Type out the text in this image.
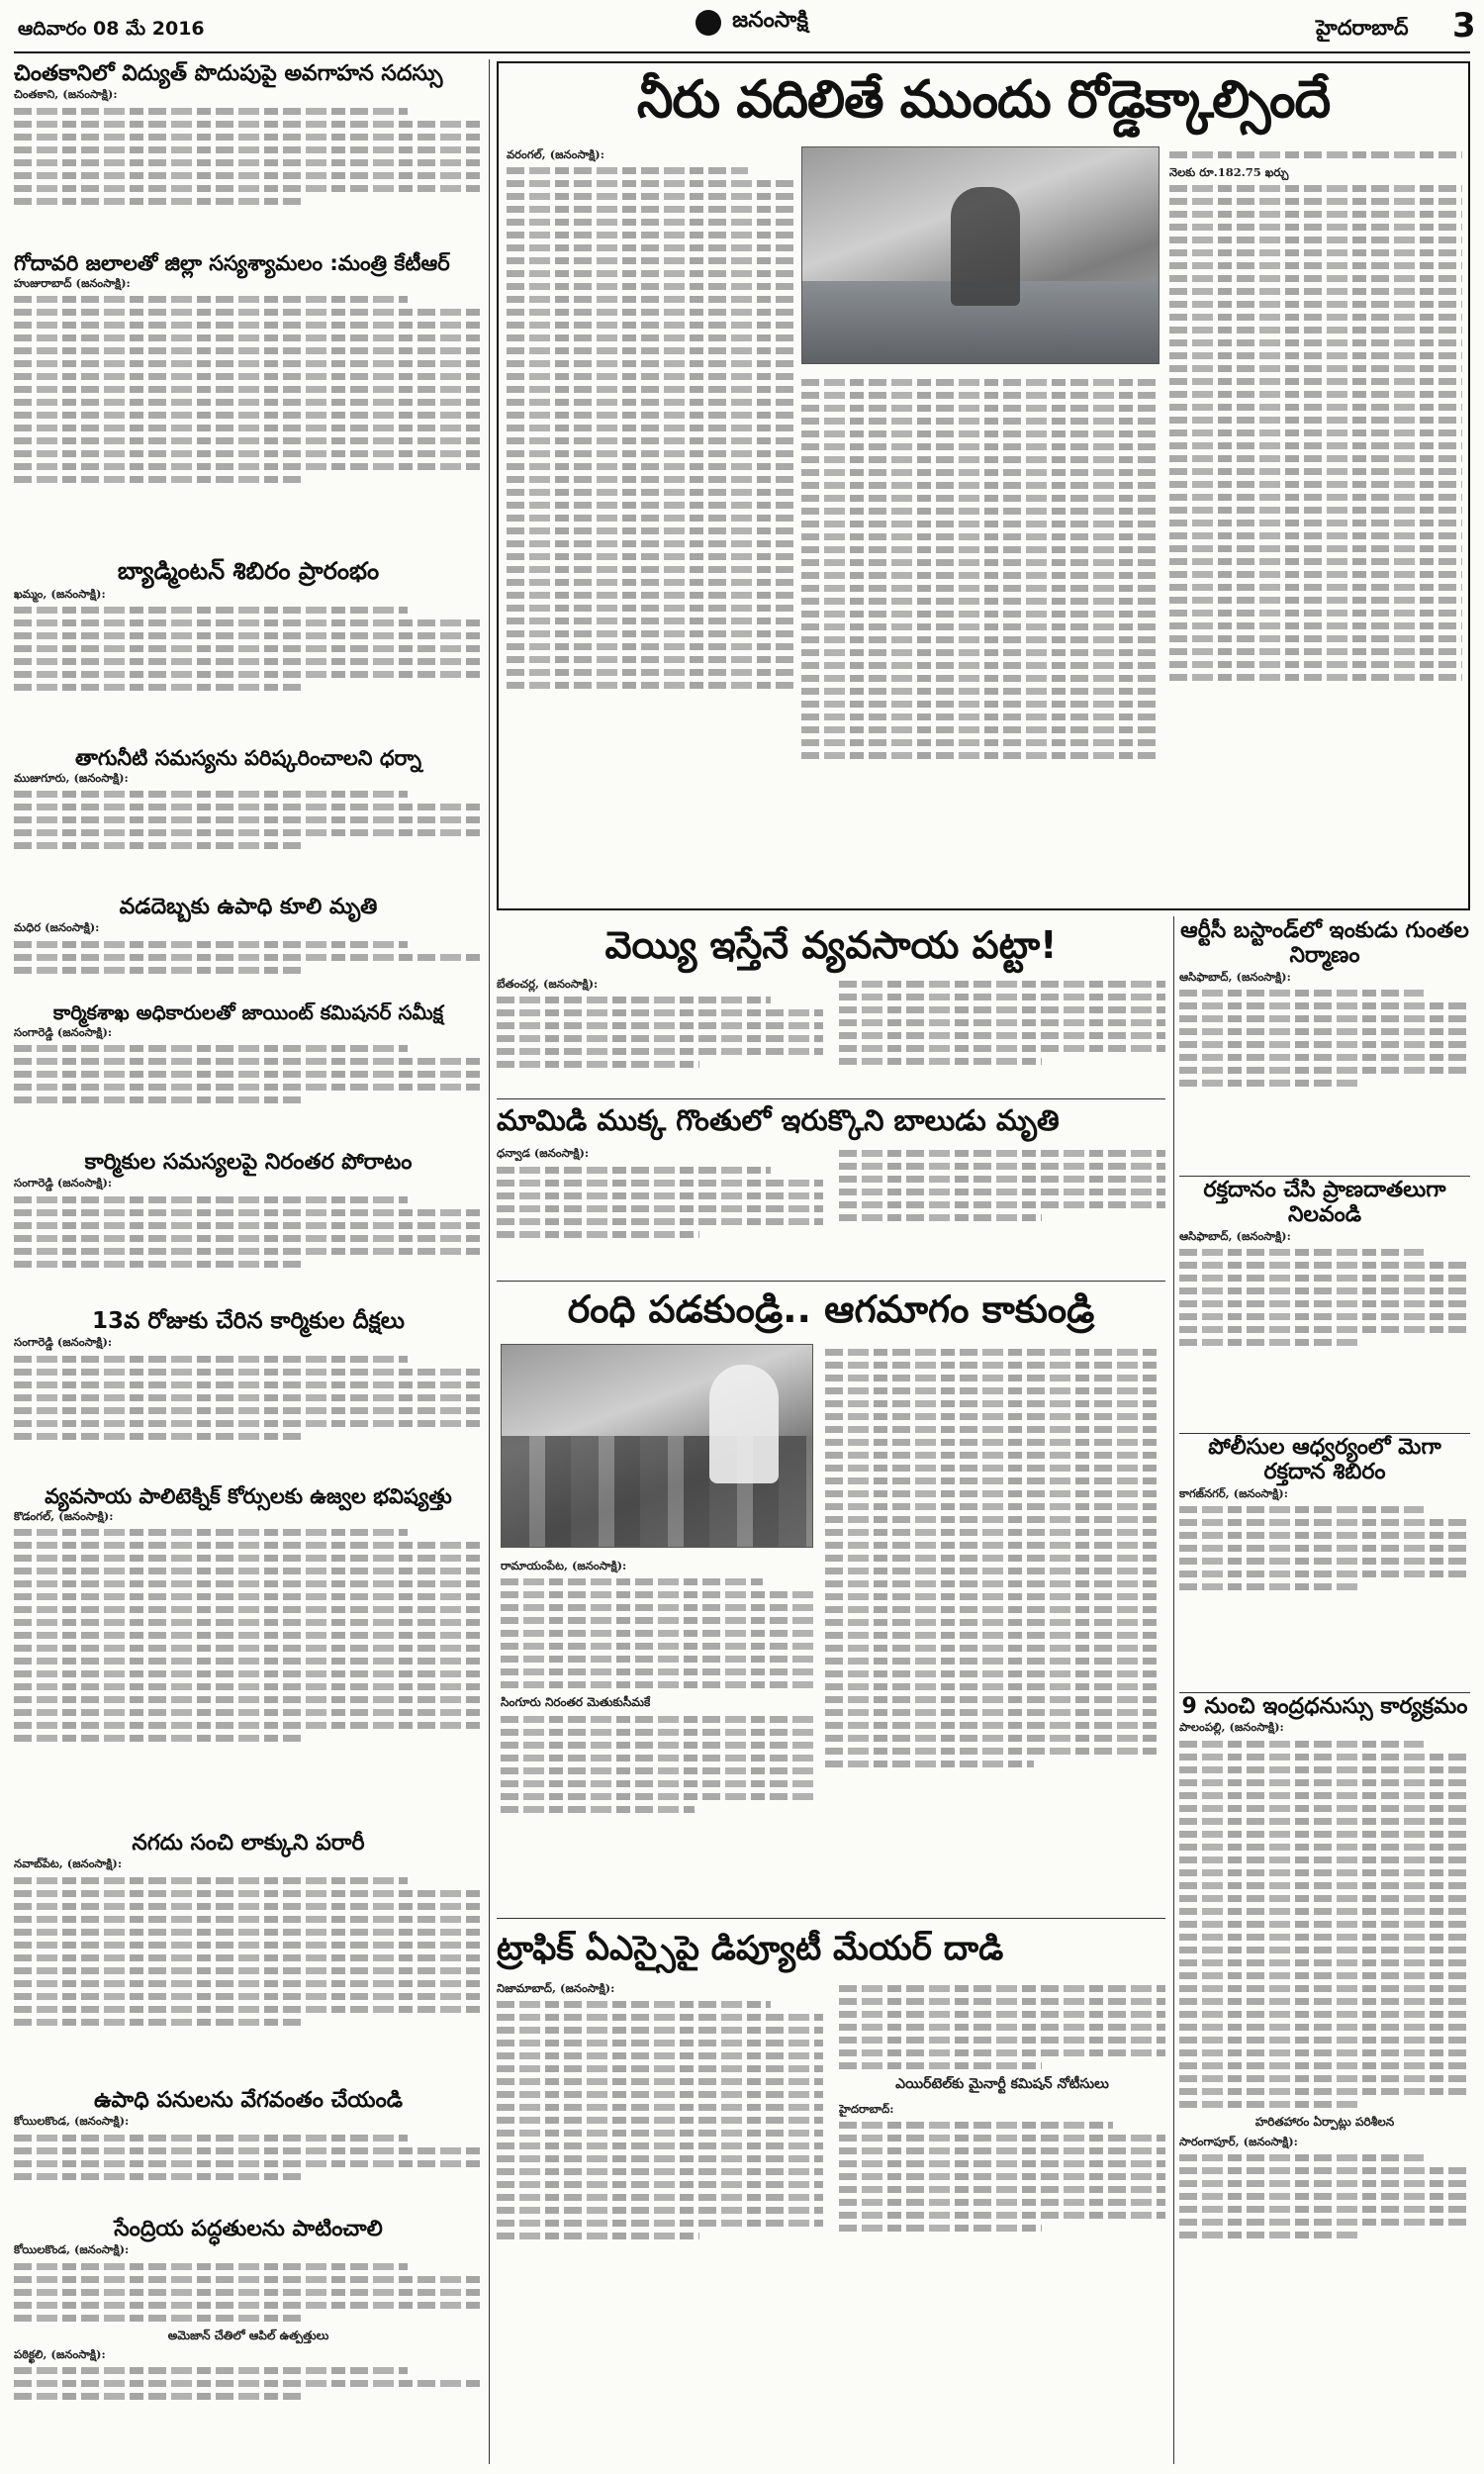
ఆదివారం 08 మే 2016	జనంసాక్షి	హైదరాబాద్ 3
చింతకానిలో విద్యుత్ పొదుపుపై అవగాహన సదస్సు
చింతకాని, (జనంసాక్షి):
గోదావరి జలాలతో జిల్లా సస్యశ్యామలం :మంత్రి కేటీఆర్
హుజురాబాద్ (జనంసాక్షి):
బ్యాడ్మింటన్ శిబిరం ప్రారంభం
ఖమ్మం, (జనంసాక్షి):
తాగునీటి సమస్యను పరిష్కరించాలని ధర్నా
ముజుగూరు, (జనంసాక్షి):
వడదెబ్బకు ఉపాధి కూలి మృతి
మధిర (జనంసాక్షి):
కార్మికశాఖ అధికారులతో జాయింట్ కమిషనర్ సమీక్ష
సంగారెడ్డి (జనంసాక్షి):
కార్మికుల సమస్యలపై నిరంతర పోరాటం
సంగారెడ్డి (జనంసాక్షి):
13వ రోజుకు చేరిన కార్మికుల దీక్షలు
సంగారెడ్డి (జనంసాక్షి):
వ్యవసాయ పాలిటెక్నిక్ కోర్సులకు ఉజ్వల భవిష్యత్తు
కొడంగల్, (జనంసాక్షి):
నగదు సంచి లాక్కుని పరారీ
నవాబ్‌పేట, (జనంసాక్షి):
ఉపాధి పనులను వేగవంతం చేయండి
కోయిలకొండ, (జనంసాక్షి):
సేంద్రియ పద్ధతులను పాటించాలి
కోయిలకొండ, (జనంసాక్షి):
అమెజాన్ చేతిలో ఆపిల్ ఉత్పత్తులు
పఠిక్ఖలి, (జనంసాక్షి):
నీరు వదిలితే ముందు రోడ్డెక్కాల్సిందే
వరంగల్, (జనంసాక్షి):
నెలకు రూ.182.75 ఖర్చు
వెయ్యి ఇస్తేనే వ్యవసాయ పట్టా!
బేతంచర్ల, (జనంసాక్షి):
మామిడి ముక్క గొంతులో ఇరుక్కొని బాలుడు మృతి
ధన్వాడ (జనంసాక్షి):
రంధి పడకుండ్రి.. ఆగమాగం కాకుండ్రి
రామాయంపేట, (జనంసాక్షి):
సింగూరు నిరంతర మెతుకుసీమకే
ట్రాఫిక్ ఏఎస్సైపై డిప్యూటీ మేయర్ దాడి
నిజామాబాద్, (జనంసాక్షి):
ఎయిర్‌టెల్‌కు మైనార్టీ కమిషన్ నోటీసులు
హైదరాబాద్:
ఆర్టీసీ బస్టాండ్‌లో ఇంకుడు గుంతల నిర్మాణం
ఆసిఫాబాద్, (జనంసాక్షి):
రక్తదానం చేసి ప్రాణదాతలుగా నిలవండి
ఆసిఫాబాద్, (జనంసాక్షి):
పోలీసుల ఆధ్వర్యంలో మెగా రక్తదాన శిబిరం
కాగజ్‌నగర్, (జనంసాక్షి):
9 నుంచి ఇంద్రధనుస్సు కార్యక్రమం
పాలంపల్లి, (జనంసాక్షి):
హరితహారం ఏర్పాట్లు పరిశీలన
సారంగాపూర్, (జనంసాక్షి):
